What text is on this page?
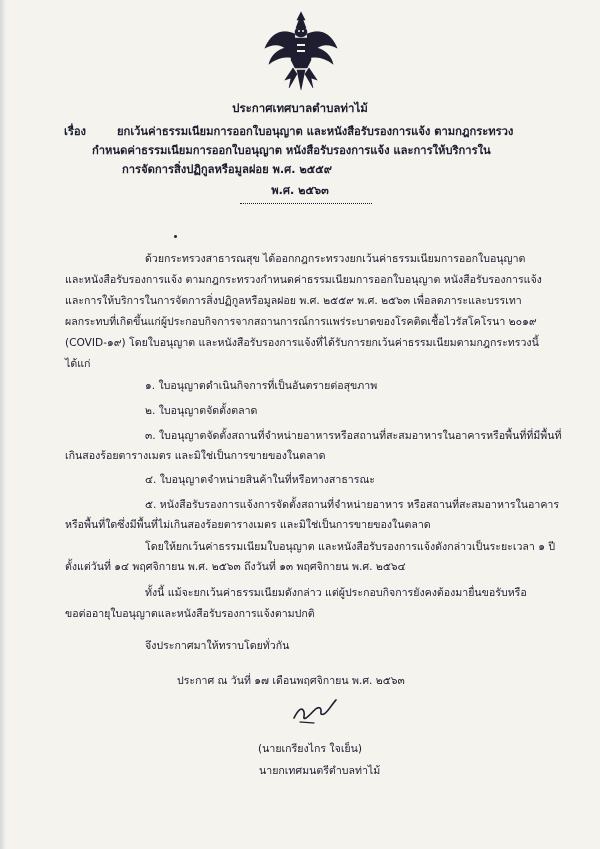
ประกาศเทศบาลตำบลท่าไม้
เรื่อง	ยกเว้นค่าธรรมเนียมการออกใบอนุญาต และหนังสือรับรองการแจ้ง ตามกฎกระทรวง
กำหนดค่าธรรมเนียมการออกใบอนุญาต หนังสือรับรองการแจ้ง และการให้บริการใน
การจัดการสิ่งปฏิกูลหรือมูลฝอย พ.ศ. ๒๕๕๙
พ.ศ. ๒๕๖๓
ด้วยกระทรวงสาธารณสุข ได้ออกกฎกระทรวงยกเว้นค่าธรรมเนียมการออกใบอนุญาต
และหนังสือรับรองการแจ้ง ตามกฎกระทรวงกำหนดค่าธรรมเนียมการออกใบอนุญาต หนังสือรับรองการแจ้ง
และการให้บริการในการจัดการสิ่งปฏิกูลหรือมูลฝอย พ.ศ. ๒๕๕๙ พ.ศ. ๒๕๖๓ เพื่อลดภาระและบรรเทา
ผลกระทบที่เกิดขึ้นแก่ผู้ประกอบกิจการจากสถานการณ์การแพร่ระบาดของโรคติดเชื้อไวรัสโคโรนา ๒๐๑๙
(COVID-๑๙) โดยใบอนุญาต และหนังสือรับรองการแจ้งที่ได้รับการยกเว้นค่าธรรมเนียมตามกฎกระทรวงนี้
ได้แก่
๑. ใบอนุญาตดำเนินกิจการที่เป็นอันตรายต่อสุขภาพ
๒. ใบอนุญาตจัดตั้งตลาด
๓. ใบอนุญาตจัดตั้งสถานที่จำหน่ายอาหารหรือสถานที่สะสมอาหารในอาคารหรือพื้นที่ที่มีพื้นที่
เกินสองร้อยตารางเมตร และมิใช่เป็นการขายของในตลาด
๔. ใบอนุญาตจำหน่ายสินค้าในที่หรือทางสาธารณะ
๕. หนังสือรับรองการแจ้งการจัดตั้งสถานที่จำหน่ายอาหาร หรือสถานที่สะสมอาหารในอาคาร
หรือพื้นที่ใดซึ่งมีพื้นที่ไม่เกินสองร้อยตารางเมตร และมิใช่เป็นการขายของในตลาด
โดยให้ยกเว้นค่าธรรมเนียมใบอนุญาต และหนังสือรับรองการแจ้งดังกล่าวเป็นระยะเวลา ๑ ปี
ตั้งแต่วันที่ ๑๔ พฤศจิกายน พ.ศ. ๒๕๖๓ ถึงวันที่ ๑๓ พฤศจิกายน พ.ศ. ๒๕๖๔
ทั้งนี้ แม้จะยกเว้นค่าธรรมเนียมดังกล่าว แต่ผู้ประกอบกิจการยังคงต้องมายื่นขอรับหรือ
ขอต่ออายุใบอนุญาตและหนังสือรับรองการแจ้งตามปกติ
จึงประกาศมาให้ทราบโดยทั่วกัน
ประกาศ ณ วันที่ ๑๗ เดือนพฤศจิกายน พ.ศ. ๒๕๖๓
(นายเกรียงไกร ใจเย็น)
นายกเทศมนตรีตำบลท่าไม้
